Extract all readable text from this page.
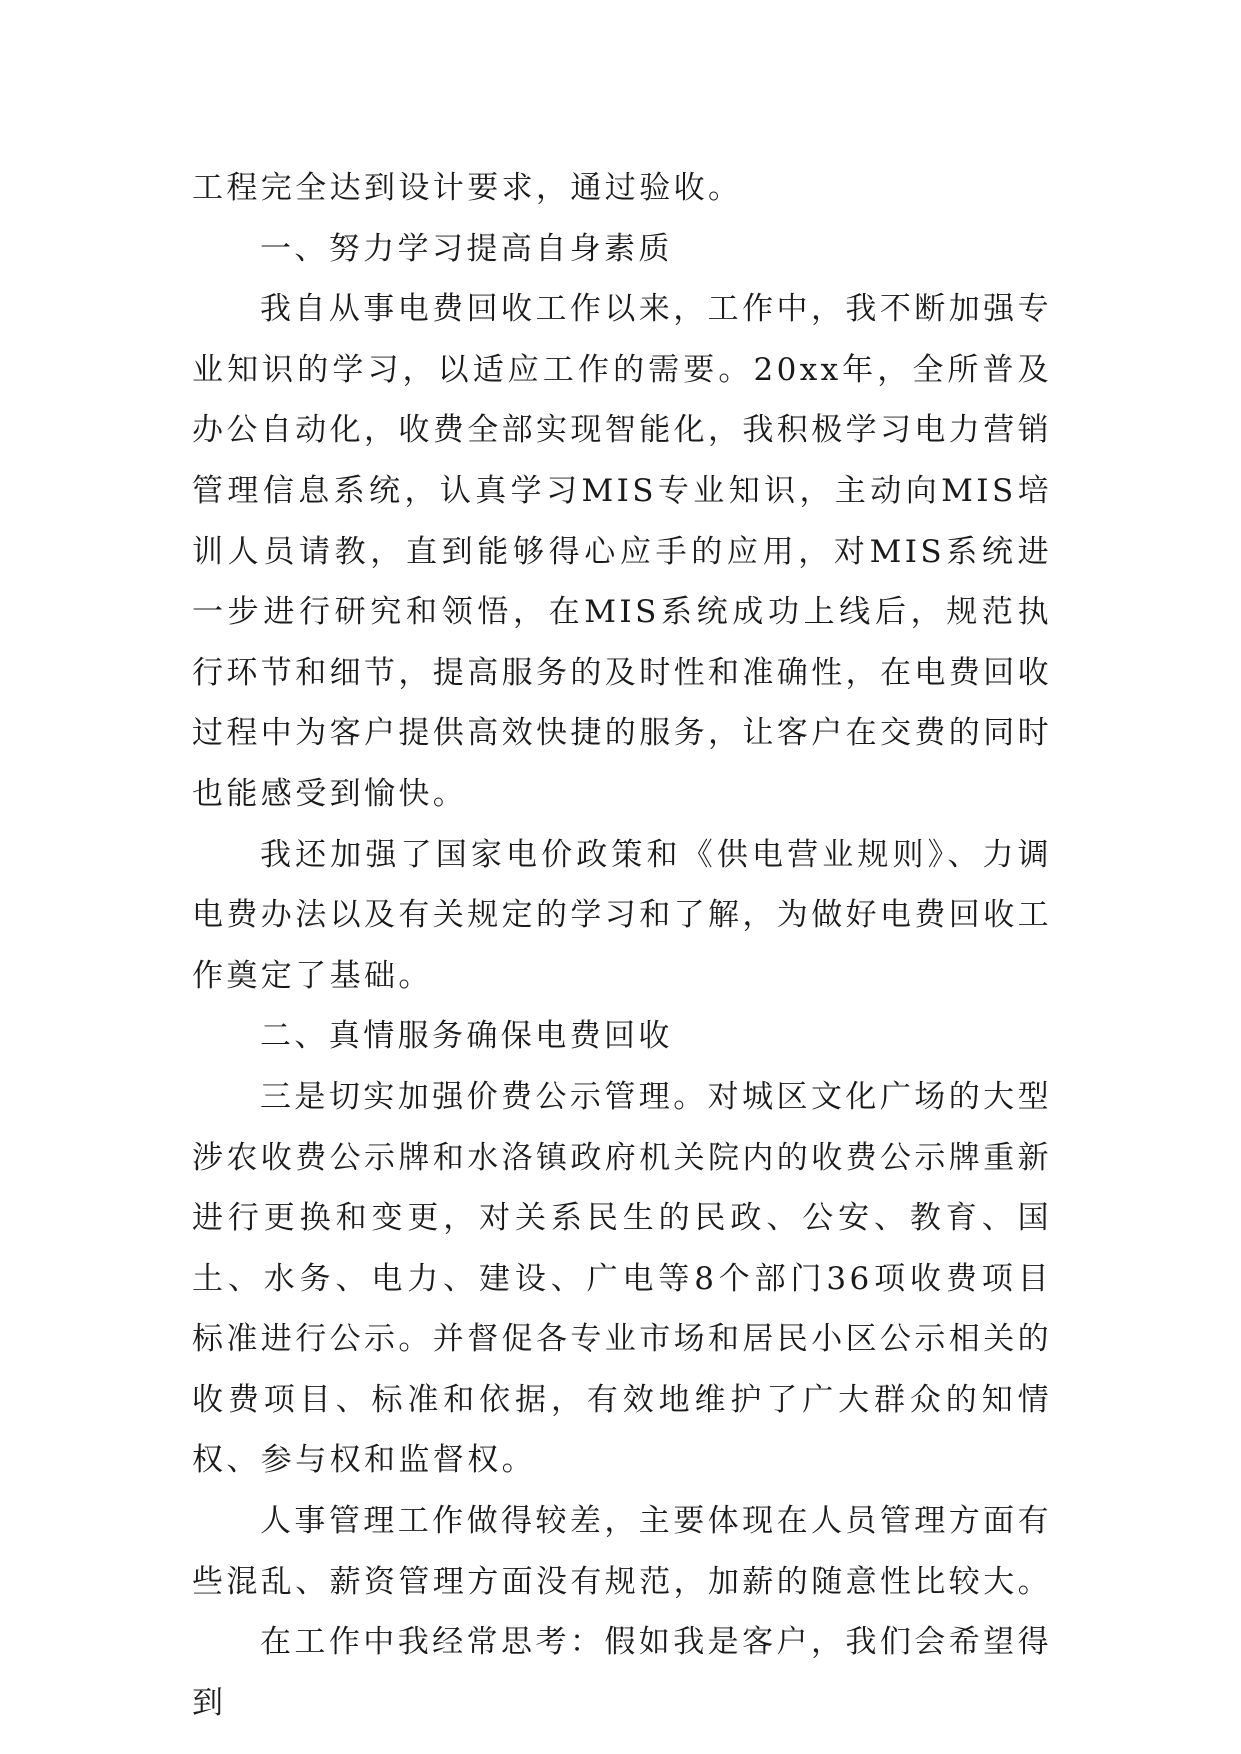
工程完全达到设计要求，通过验收。

一、努力学习提高自身素质

我自从事电费回收工作以来，工作中，我不断加强专业知识的学习，以适应工作的需要。20xx年，全所普及办公自动化，收费全部实现智能化，我积极学习电力营销管理信息系统，认真学习MIS专业知识，主动向MIS培训人员请教，直到能够得心应手的应用，对MIS系统进一步进行研究和领悟，在MIS系统成功上线后，规范执行环节和细节，提高服务的及时性和准确性，在电费回收过程中为客户提供高效快捷的服务，让客户在交费的同时也能感受到愉快。

我还加强了国家电价政策和《供电营业规则》、力调电费办法以及有关规定的学习和了解，为做好电费回收工作奠定了基础。

二、真情服务确保电费回收

三是切实加强价费公示管理。对城区文化广场的大型涉农收费公示牌和水洛镇政府机关院内的收费公示牌重新进行更换和变更，对关系民生的民政、公安、教育、国土、水务、电力、建设、广电等8个部门36项收费项目标准进行公示。并督促各专业市场和居民小区公示相关的收费项目、标准和依据，有效地维护了广大群众的知情权、参与权和监督权。

人事管理工作做得较差，主要体现在人员管理方面有些混乱、薪资管理方面没有规范，加薪的随意性比较大。

在工作中我经常思考：假如我是客户，我们会希望得到
